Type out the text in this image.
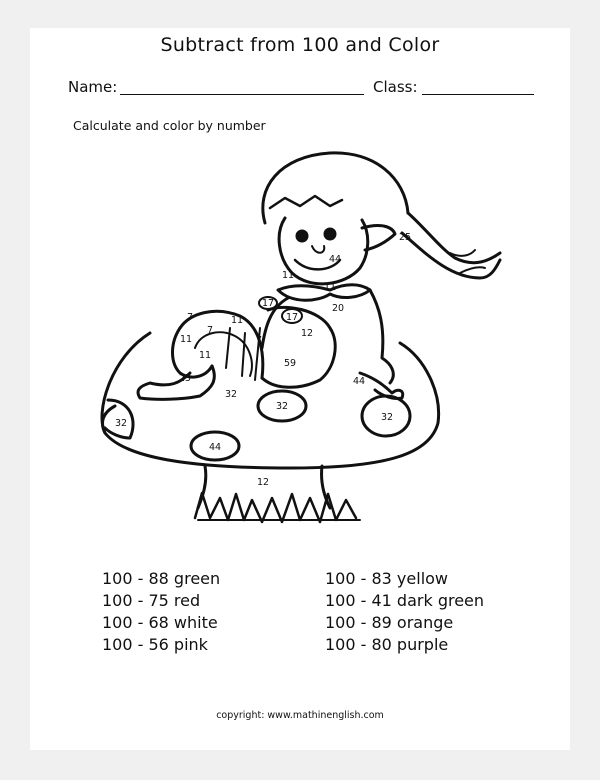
Subtract from 100 and Color
Name:	Class:
Calculate and color by number
25
44
11
11
20
7
7
11
11
17
17
12
7
11
59
25
32
44
32
32
32
44
12
100 - 88 green
100 - 75 red
100 - 68 white
100 - 56 pink
100 - 83 yellow
100 - 41 dark green
100 - 89 orange
100 - 80 purple
copyright: www.mathinenglish.com
